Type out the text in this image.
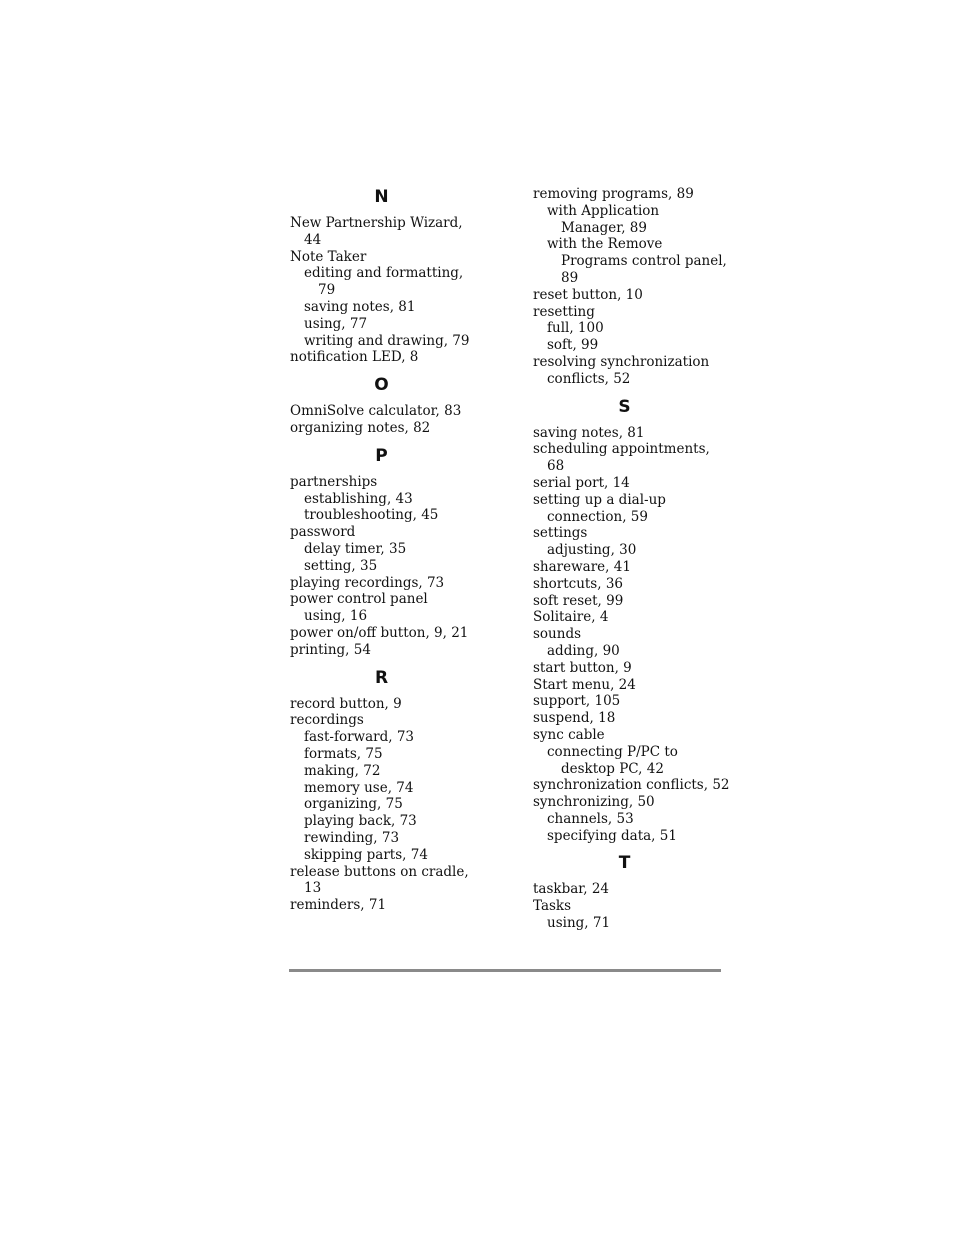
N
New Partnership Wizard,
44
Note Taker
editing and formatting,
79
saving notes, 81
using, 77
writing and drawing, 79
notification LED, 8
O
OmniSolve calculator, 83
organizing notes, 82
P
partnerships
establishing, 43
troubleshooting, 45
password
delay timer, 35
setting, 35
playing recordings, 73
power control panel
using, 16
power on/off button, 9, 21
printing, 54
R
record button, 9
recordings
fast-forward, 73
formats, 75
making, 72
memory use, 74
organizing, 75
playing back, 73
rewinding, 73
skipping parts, 74
release buttons on cradle,
13
reminders, 71
removing programs, 89
with Application
Manager, 89
with the Remove
Programs control panel,
89
reset button, 10
resetting
full, 100
soft, 99
resolving synchronization
conflicts, 52
S
saving notes, 81
scheduling appointments,
68
serial port, 14
setting up a dial-up
connection, 59
settings
adjusting, 30
shareware, 41
shortcuts, 36
soft reset, 99
Solitaire, 4
sounds
adding, 90
start button, 9
Start menu, 24
support, 105
suspend, 18
sync cable
connecting P/PC to
desktop PC, 42
synchronization conflicts, 52
synchronizing, 50
channels, 53
specifying data, 51
T
taskbar, 24
Tasks
using, 71
